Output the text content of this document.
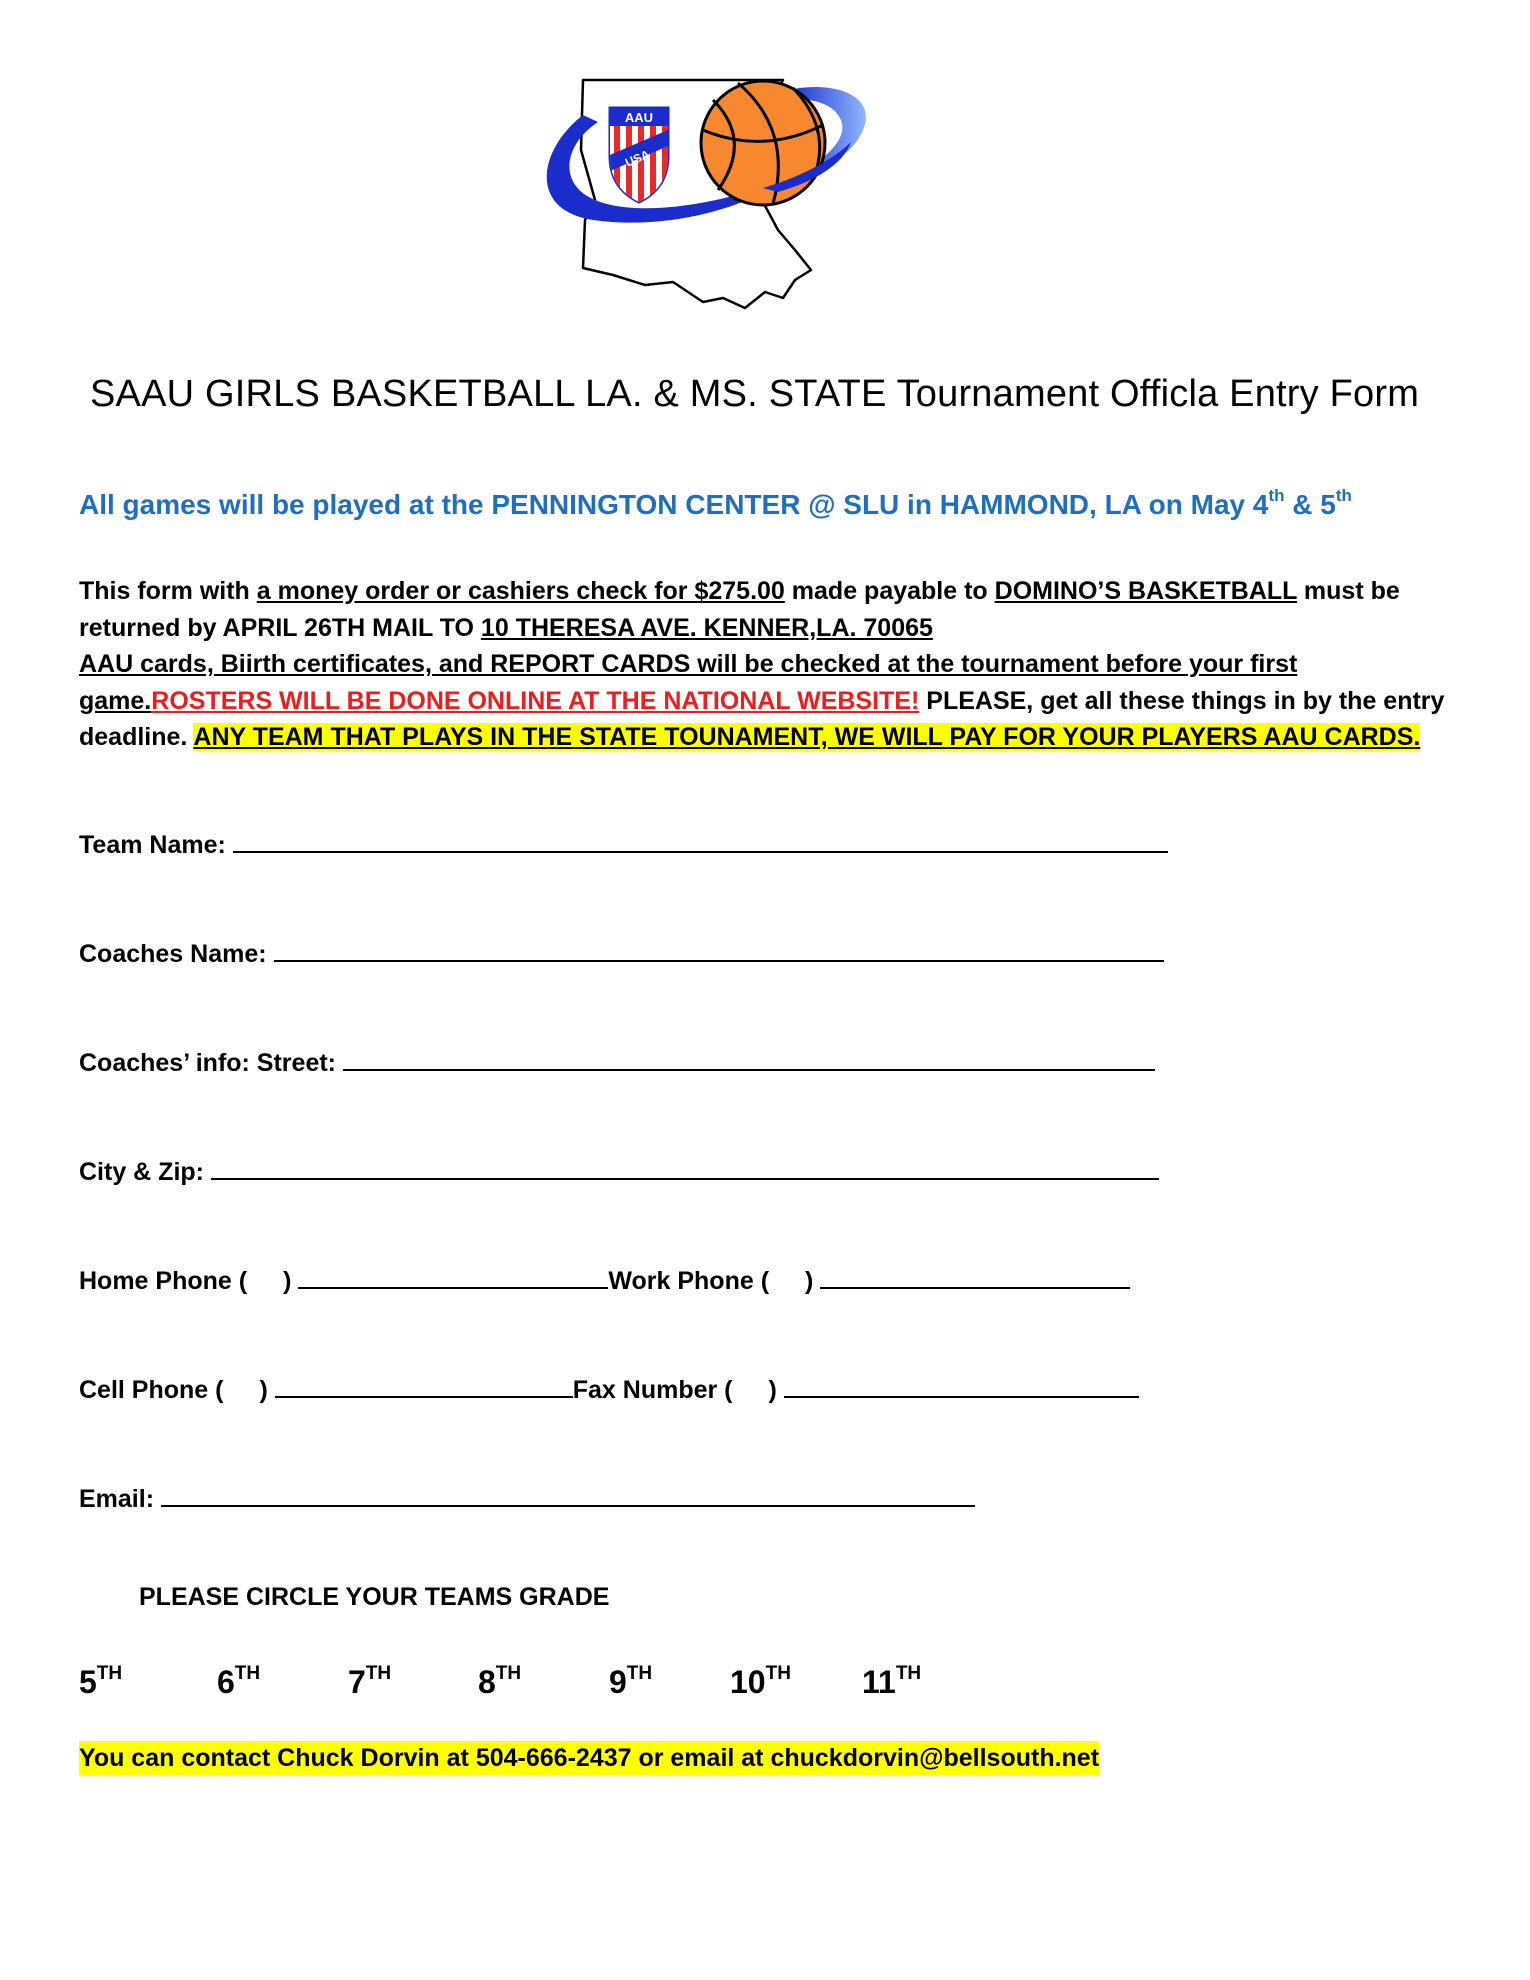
AAU
USA
SAAU GIRLS BASKETBALL LA. & MS. STATE Tournament Officla Entry Form
All games will be played at the PENNINGTON CENTER @ SLU in HAMMOND, LA on May 4th & 5th
This form with a money order or cashiers check for $275.00 made payable to DOMINO’S BASKETBALL must be returned by APRIL 26TH MAIL TO 10 THERESA AVE. KENNER,LA. 70065
AAU cards, Biirth certificates, and REPORT CARDS will be checked at the tournament before your first game.ROSTERS WILL BE DONE ONLINE AT THE NATIONAL WEBSITE! PLEASE, get all these things in by the entry deadline. ANY TEAM THAT PLAYS IN THE STATE TOUNAMENT, WE WILL PAY FOR YOUR PLAYERS AAU CARDS.
Team Name:
Coaches Name:
Coaches’ info: Street:
City & Zip:
Home Phone ( )	Work Phone ( )
Cell Phone ( )	Fax Number ( )
Email:
PLEASE CIRCLE YOUR TEAMS GRADE
5TH	6TH	7TH	8TH	9TH 10TH 11TH
You can contact Chuck Dorvin at 504-666-2437 or email at chuckdorvin@bellsouth.net
